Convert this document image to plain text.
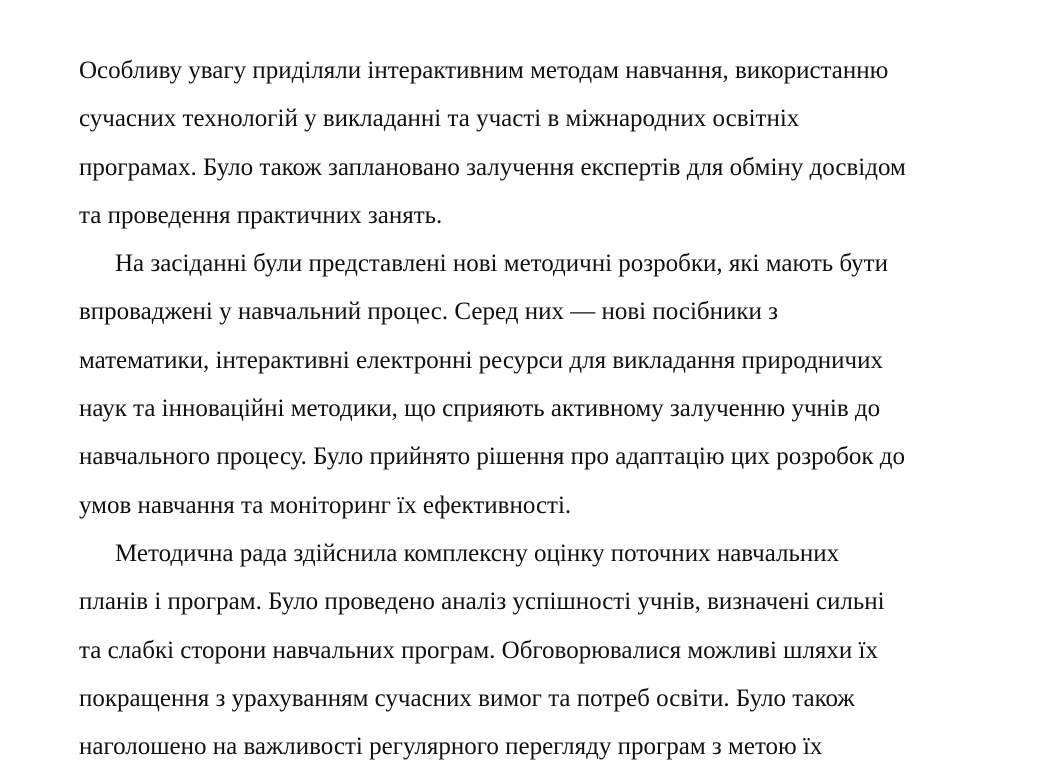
Особливу увагу приділяли інтерактивним методам навчання, використанню
сучасних технологій у викладанні та участі в міжнародних освітніх
програмах. Було також заплановано залучення експертів для обміну досвідом
та проведення практичних занять.
На засіданні були представлені нові методичні розробки, які мають бути
впроваджені у навчальний процес. Серед них — нові посібники з
математики, інтерактивні електронні ресурси для викладання природничих
наук та інноваційні методики, що сприяють активному залученню учнів до
навчального процесу. Було прийнято рішення про адаптацію цих розробок до
умов навчання та моніторинг їх ефективності.
Методична рада здійснила комплексну оцінку поточних навчальних
планів і програм. Було проведено аналіз успішності учнів, визначені сильні
та слабкі сторони навчальних програм. Обговорювалися можливі шляхи їх
покращення з урахуванням сучасних вимог та потреб освіти. Було також
наголошено на важливості регулярного перегляду програм з метою їх
